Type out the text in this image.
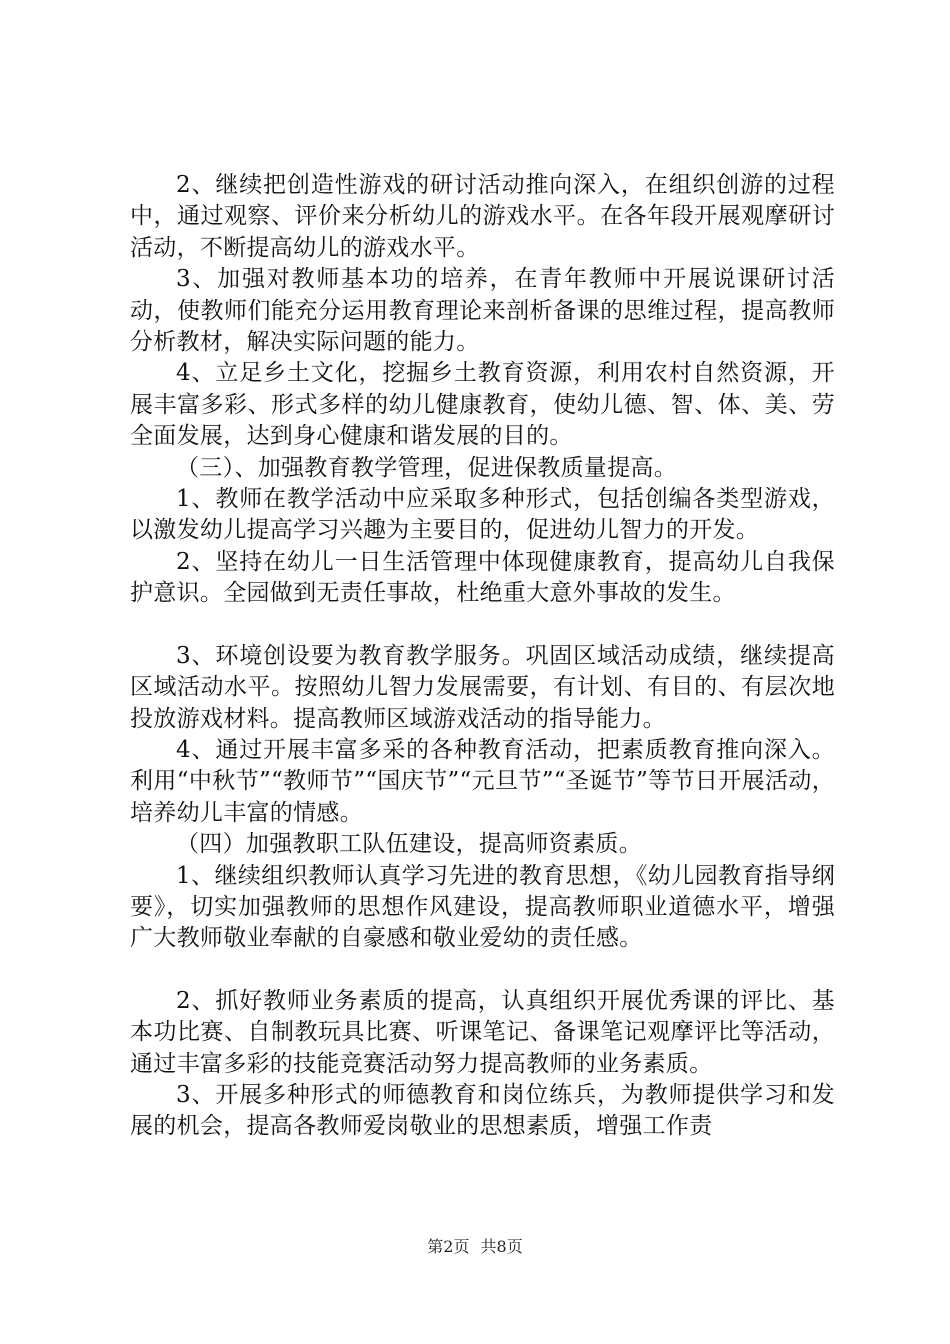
2、继续把创造性游戏的研讨活动推向深入，在组织创游的过程中，通过观察、评价来分析幼儿的游戏水平。在各年段开展观摩研讨活动，不断提高幼儿的游戏水平。

3、加强对教师基本功的培养，在青年教师中开展说课研讨活动，使教师们能充分运用教育理论来剖析备课的思维过程，提高教师分析教材，解决实际问题的能力。

4、立足乡土文化，挖掘乡土教育资源，利用农村自然资源，开展丰富多彩、形式多样的幼儿健康教育，使幼儿德、智、体、美、劳全面发展，达到身心健康和谐发展的目的。

（三）、加强教育教学管理，促进保教质量提高。

1、教师在教学活动中应采取多种形式，包括创编各类型游戏，以激发幼儿提高学习兴趣为主要目的，促进幼儿智力的开发。

2、坚持在幼儿一日生活管理中体现健康教育，提高幼儿自我保护意识。全园做到无责任事故，杜绝重大意外事故的发生。

3、环境创设要为教育教学服务。巩固区域活动成绩，继续提高区域活动水平。按照幼儿智力发展需要，有计划、有目的、有层次地投放游戏材料。提高教师区域游戏活动的指导能力。

4、通过开展丰富多采的各种教育活动，把素质教育推向深入。利用“中秋节”“教师节”“国庆节”“元旦节”“圣诞节”等节日开展活动，培养幼儿丰富的情感。

（四）加强教职工队伍建设，提高师资素质。

1、继续组织教师认真学习先进的教育思想，《幼儿园教育指导纲要》，切实加强教师的思想作风建设，提高教师职业道德水平，增强广大教师敬业奉献的自豪感和敬业爱幼的责任感。

2、抓好教师业务素质的提高，认真组织开展优秀课的评比、基本功比赛、自制教玩具比赛、听课笔记、备课笔记观摩评比等活动，通过丰富多彩的技能竞赛活动努力提高教师的业务素质。

3、开展多种形式的师德教育和岗位练兵，为教师提供学习和发展的机会，提高各教师爱岗敬业的思想素质，增强工作责

第2页 共8页
